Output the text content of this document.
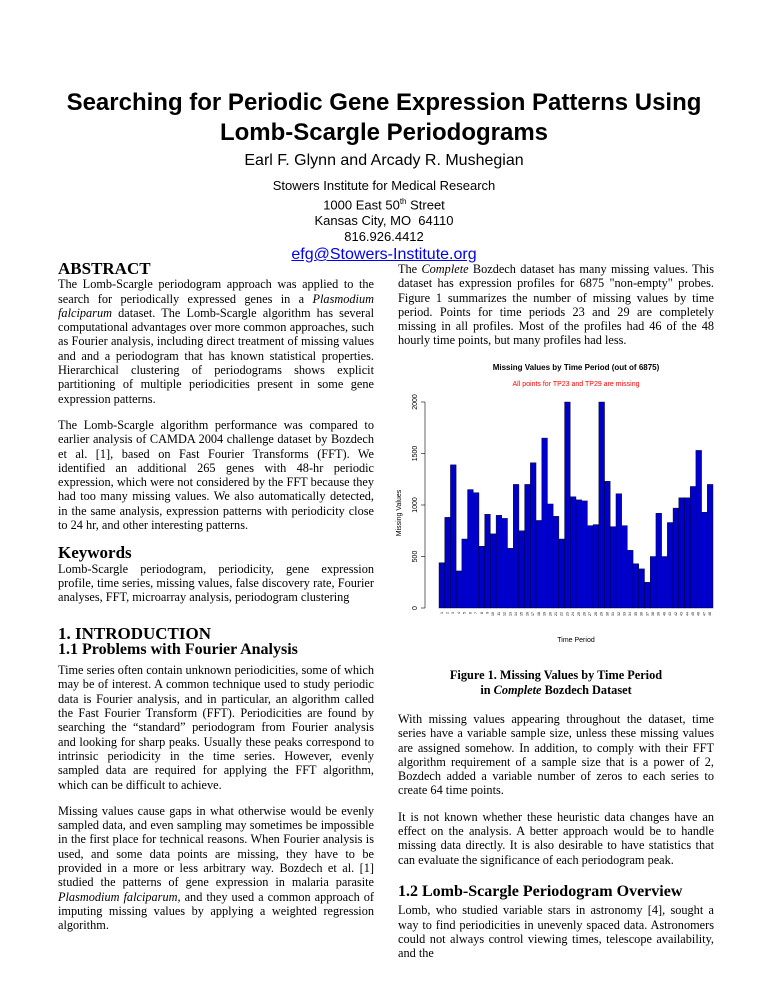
Searching for Periodic Gene Expression Patterns Using Lomb-Scargle Periodograms
Earl F. Glynn and Arcady R. Mushegian
Stowers Institute for Medical Research
1000 East 50th Street
Kansas City, MO  64110
816.926.4412
efg@Stowers-Institute.org
ABSTRACT

The Lomb-Scargle periodogram approach was applied to the search for periodically expressed genes in a Plasmodium falciparum dataset. The Lomb-Scargle algorithm has several computational advantages over more common approaches, such as Fourier analysis, including direct treatment of missing values and and a periodogram that has known statistical properties. Hierarchical clustering of periodograms shows explicit partitioning of multiple periodicities present in some gene expression patterns.

The Lomb-Scargle algorithm performance was compared to earlier analysis of CAMDA 2004 challenge dataset by Bozdech et al. [1], based on Fast Fourier Transforms (FFT). We identified an additional 265 genes with 48-hr periodic expression, which were not considered by the FFT because they had too many missing values. We also automatically detected, in the same analysis, expression patterns with periodicity close to 24 hr, and other interesting patterns.

Keywords

Lomb-Scargle periodogram, periodicity, gene expression profile, time series, missing values, false discovery rate, Fourier analyses, FFT, microarray analysis, periodogram clustering

1. INTRODUCTION
1.1 Problems with Fourier Analysis

Time series often contain unknown periodicities, some of which may be of interest. A common technique used to study periodic data is Fourier analysis, and in particular, an algorithm called the Fast Fourier Transform (FFT). Periodicities are found by searching the “standard” periodogram from Fourier analysis and looking for sharp peaks. Usually these peaks correspond to intrinsic periodicity in the time series. However, evenly sampled data are required for applying the FFT algorithm, which can be difficult to achieve.

Missing values cause gaps in what otherwise would be evenly sampled data, and even sampling may sometimes be impossible in the first place for technical reasons. When Fourier analysis is used, and some data points are missing, they have to be provided in a more or less arbitrary way. Bozdech et al. [1] studied the patterns of gene expression in malaria parasite Plasmodium falciparum, and they used a common approach of imputing missing values by applying a weighted regression algorithm.

The Complete Bozdech dataset has many missing values. This dataset has expression profiles for 6875 "non-empty" probes. Figure 1 summarizes the number of missing values by time period. Points for time periods 23 and 29 are completely missing in all profiles. Most of the profiles had 46 of the 48 hourly time points, but many profiles had less.

Missing Values by Time Period (out of 6875)
All points for TP23 and TP29 are missing
0
500
1000
1500
2000
Missing Values
1 2 3 4 5 6 7 8 9 10 11 12 13 14 15 16 17 18 19 20 21 22 23 24 25 26 27 28 29 30 31 32 33 34 35 36 37 38 39 40 41 42 43 44 45 46 47 48
Time Period
Figure 1. Missing Values by Time Period
in Complete Bozdech Dataset

With missing values appearing throughout the dataset, time series have a variable sample size, unless these missing values are assigned somehow. In addition, to comply with their FFT algorithm requirement of a sample size that is a power of 2, Bozdech added a variable number of zeros to each series to create 64 time points.

It is not known whether these heuristic data changes have an effect on the analysis. A better approach would be to handle missing data directly. It is also desirable to have statistics that can evaluate the significance of each periodogram peak.

1.2 Lomb-Scargle Periodogram Overview

Lomb, who studied variable stars in astronomy [4], sought a way to find periodicities in unevenly spaced data. Astronomers could not always control viewing times, telescope availability, and the
